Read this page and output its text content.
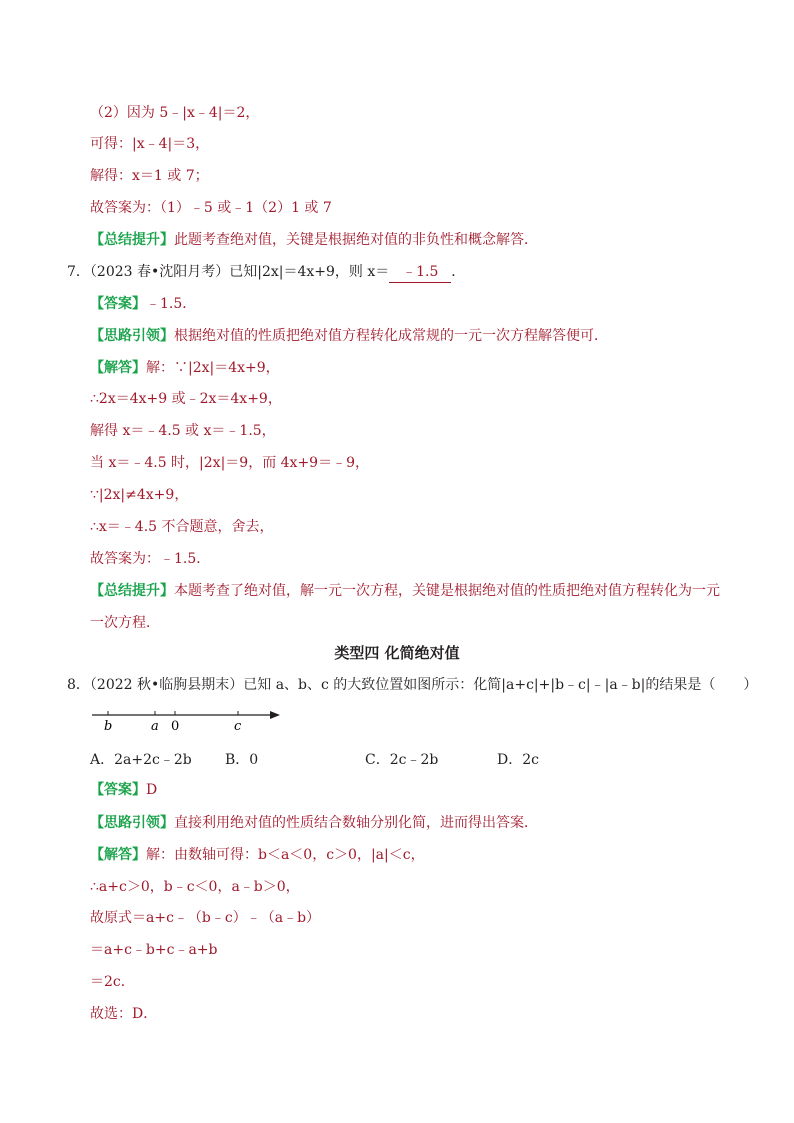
（2）因为 5﹣|x﹣4|＝2，
可得：|x﹣4|＝3，
解得：x＝1 或 7；
故答案为：（1）﹣5 或﹣1（2）1 或 7
【总结提升】此题考查绝对值，关键是根据绝对值的非负性和概念解答．
7．（2023 春•沈阳月考）已知|2x|＝4x+9，则 x＝ ﹣1.5 ．
【答案】﹣1.5．
【思路引领】根据绝对值的性质把绝对值方程转化成常规的一元一次方程解答便可．
【解答】解：∵|2x|＝4x+9，
∴2x＝4x+9 或﹣2x＝4x+9，
解得 x＝﹣4.5 或 x＝﹣1.5，
当 x＝﹣4.5 时，|2x|＝9，而 4x+9＝﹣9，
∵|2x|≠4x+9，
∴x＝﹣4.5 不合题意，舍去，
故答案为：﹣1.5．
【总结提升】本题考查了绝对值，解一元一次方程，关键是根据绝对值的性质把绝对值方程转化为一元
一次方程．
类型四 化简绝对值
8．（2022 秋•临朐县期末）已知 a、b、c 的大致位置如图所示：化简|a+c|+|b﹣c|﹣|a﹣b|的结果是（　　）
b	a 0	c
A．2a+2c﹣2b B．0	C．2c﹣2b	D．2c
【答案】D
【思路引领】直接利用绝对值的性质结合数轴分别化简，进而得出答案．
【解答】解：由数轴可得：b＜a＜0，c＞0，|a|＜c，
∴a+c＞0，b﹣c＜0，a﹣b＞0，
故原式＝a+c﹣（b﹣c）﹣（a﹣b）
＝a+c﹣b+c﹣a+b
＝2c．
故选：D．
